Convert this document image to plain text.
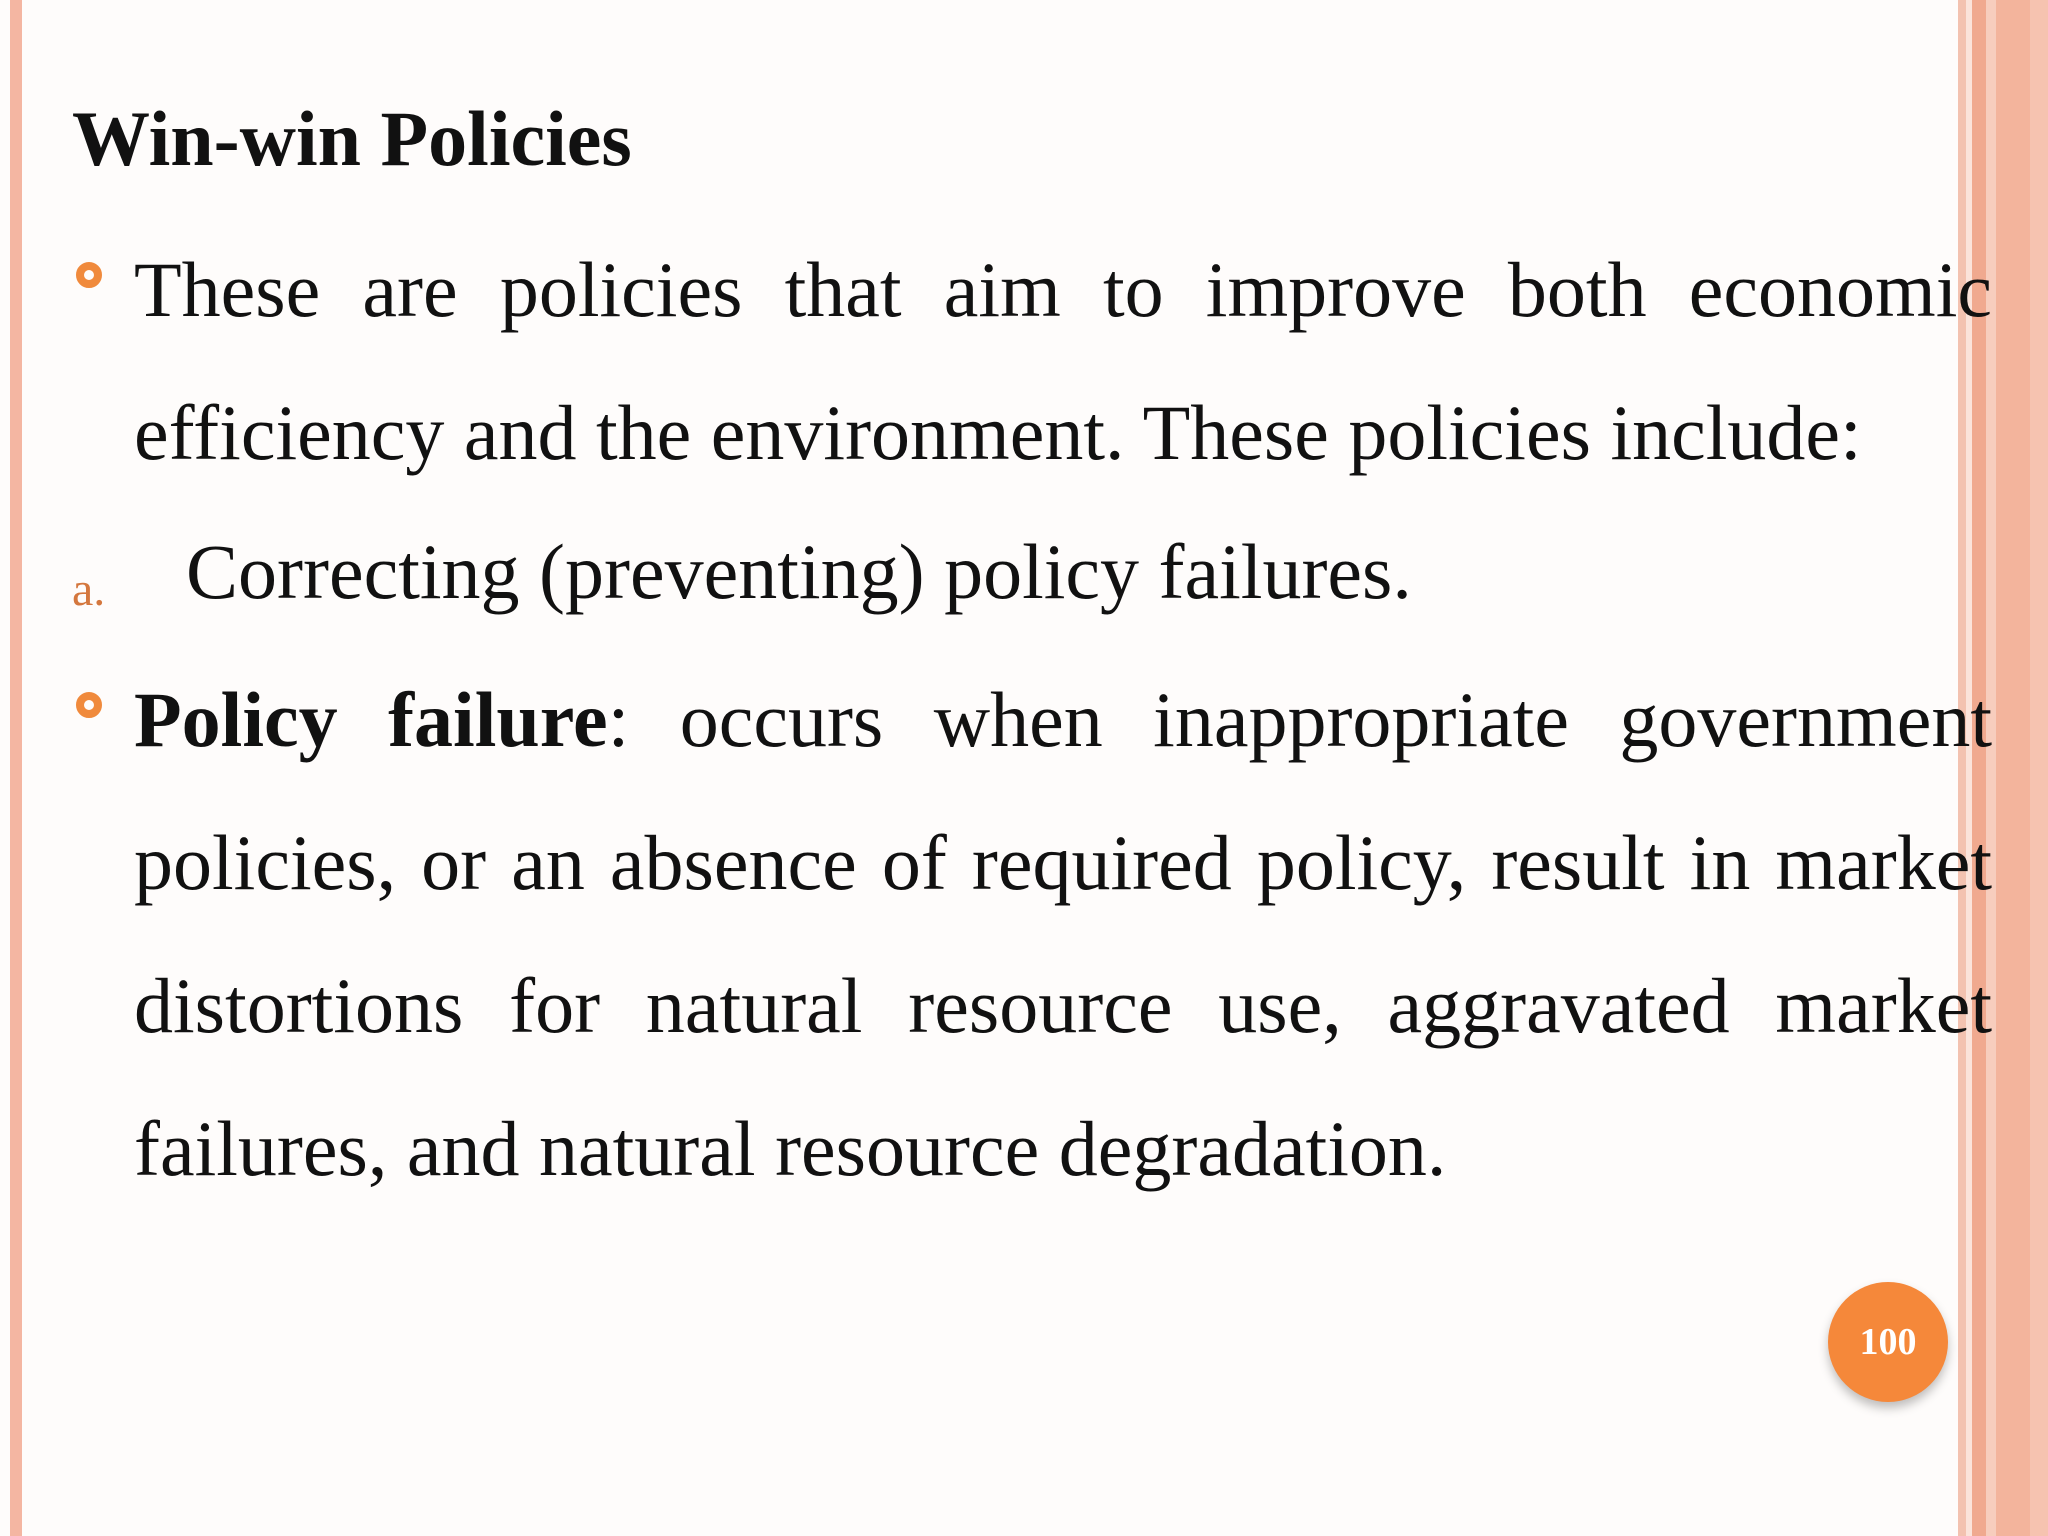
Win-win Policies

These are policies that aim to improve both economic efficiency and the environment. These policies include:

a. Correcting (preventing) policy failures.

Policy failure: occurs when inappropriate government policies, or an absence of required policy, result in market distortions for natural resource use, aggravated market failures, and natural resource degradation.

100
